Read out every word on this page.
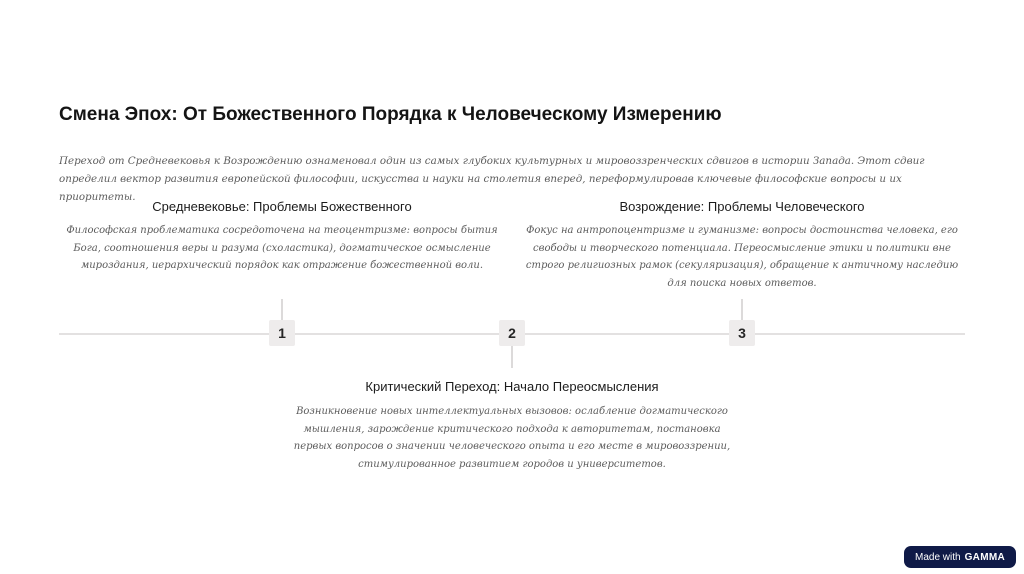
Смена Эпох: От Божественного Порядка к Человеческому Измерению

Переход от Средневековья к Возрождению ознаменовал один из самых глубоких культурных и мировоззренческих сдвигов в истории Запада. Этот сдвиг определил вектор развития европейской философии, искусства и науки на столетия вперед, переформулировав ключевые философские вопросы и их приоритеты.

Средневековье: Проблемы Божественного

Философская проблематика сосредоточена на теоцентризме: вопросы бытия Бога, соотношения веры и разума (схоластика), догматическое осмысление мироздания, иерархический порядок как отражение божественной воли.

Возрождение: Проблемы Человеческого

Фокус на антропоцентризме и гуманизме: вопросы достоинства человека, его свободы и творческого потенциала. Переосмысление этики и политики вне строго религиозных рамок (секуляризация), обращение к античному наследию для поиска новых ответов.

1	2	3
Критический Переход: Начало Переосмысления

Возникновение новых интеллектуальных вызовов: ослабление догматического мышления, зарождение критического подхода к авторитетам, постановка первых вопросов о значении человеческого опыта и его месте в мировоззрении, стимулированное развитием городов и университетов.

Made with GAMMA
